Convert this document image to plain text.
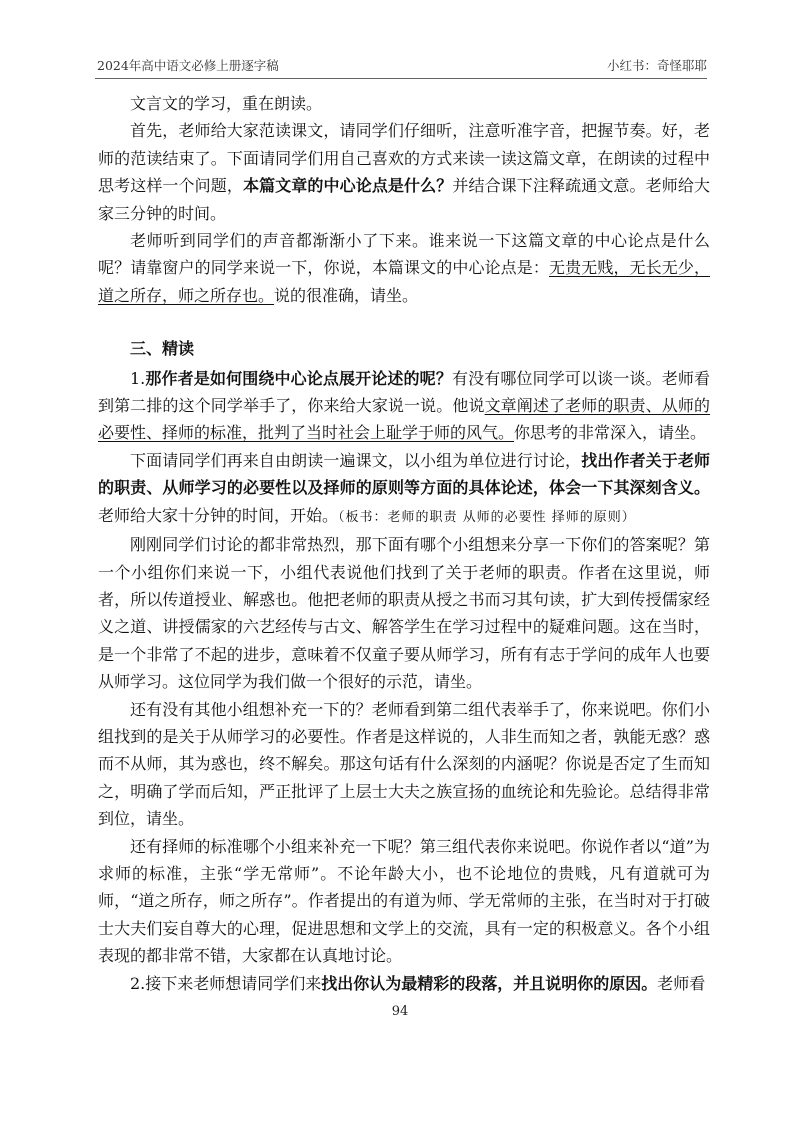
2024年高中语文必修上册逐字稿	小红书：奇怪耶耶

文言文的学习，重在朗读。

首先，老师给大家范读课文，请同学们仔细听，注意听准字音，把握节奏。好，老师的范读结束了。下面请同学们用自己喜欢的方式来读一读这篇文章，在朗读的过程中思考这样一个问题，本篇文章的中心论点是什么？并结合课下注释疏通文意。老师给大家三分钟的时间。

老师听到同学们的声音都渐渐小了下来。谁来说一下这篇文章的中心论点是什么呢？请靠窗户的同学来说一下，你说，本篇课文的中心论点是：无贵无贱，无长无少，道之所存，师之所存也。说的很准确，请坐。

三、精读

1.那作者是如何围绕中心论点展开论述的呢？有没有哪位同学可以谈一谈。老师看到第二排的这个同学举手了，你来给大家说一说。他说文章阐述了老师的职责、从师的必要性、择师的标准，批判了当时社会上耻学于师的风气。你思考的非常深入，请坐。

下面请同学们再来自由朗读一遍课文，以小组为单位进行讨论，找出作者关于老师的职责、从师学习的必要性以及择师的原则等方面的具体论述，体会一下其深刻含义。老师给大家十分钟的时间，开始。（板书：老师的职责 从师的必要性 择师的原则）

刚刚同学们讨论的都非常热烈，那下面有哪个小组想来分享一下你们的答案呢？第一个小组你们来说一下，小组代表说他们找到了关于老师的职责。作者在这里说，师者，所以传道授业、解惑也。他把老师的职责从授之书而习其句读，扩大到传授儒家经义之道、讲授儒家的六艺经传与古文、解答学生在学习过程中的疑难问题。这在当时，是一个非常了不起的进步，意味着不仅童子要从师学习，所有有志于学问的成年人也要从师学习。这位同学为我们做一个很好的示范，请坐。

还有没有其他小组想补充一下的？老师看到第二组代表举手了，你来说吧。你们小组找到的是关于从师学习的必要性。作者是这样说的，人非生而知之者，孰能无惑？惑而不从师，其为惑也，终不解矣。那这句话有什么深刻的内涵呢？你说是否定了生而知之，明确了学而后知，严正批评了上层士大夫之族宣扬的血统论和先验论。总结得非常到位，请坐。

还有择师的标准哪个小组来补充一下呢？第三组代表你来说吧。你说作者以“道”为求师的标准，主张“学无常师”。不论年龄大小，也不论地位的贵贱，凡有道就可为师，“道之所存，师之所存”。作者提出的有道为师、学无常师的主张，在当时对于打破士大夫们妄自尊大的心理，促进思想和文学上的交流，具有一定的积极意义。各个小组表现的都非常不错，大家都在认真地讨论。

2.接下来老师想请同学们来找出你认为最精彩的段落，并且说明你的原因。老师看

94
